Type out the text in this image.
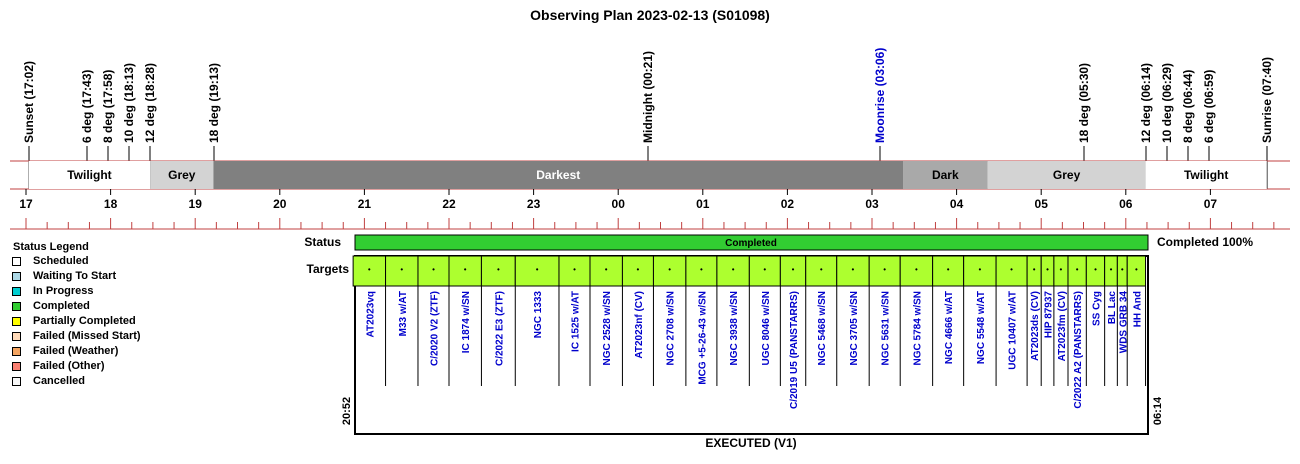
Observing Plan 2023-02-13 (S01098)
Sunset (17:02)	6 deg (17:43) 8 deg (17:58) 10 deg (18:13) 12 deg (18:28)	18 deg (19:13)	Midnight (00:21)	Moonrise (03:06)	18 deg (05:30)	12 deg (06:14) 10 deg (06:29) 8 deg (06:44) 6 deg (06:59)	Sunrise (07:40)
Twilight	Grey	Darkest	Dark	Grey	Twilight
17	18	19	20	21	22	23	00	01	02	03	04	05	06	07
Status	Completed	Completed 100%
Targets •
AT2023vq
•
M33 w/AT
•
C/2020 V2 (ZTF)
•
IC 1874 w/SN
•
C/2022 E3 (ZTF)
•
NGC 1333
•
IC 1525 w/AT
•
NGC 2528 w/SN
•
AT2023nf (CV)
•
NGC 2708 w/SN
•
MCG +5-26-43 w/SN
•
NGC 3938 w/SN
•
UGC 8046 w/SN
•
C/2019 U5 (PANSTARRS)
•
NGC 5468 w/SN
•
NGC 3705 w/SN
•
NGC 5631 w/SN
•
NGC 5784 w/SN
•
NGC 4666 w/AT
•
NGC 5548 w/AT
•
UGC 10407 w/AT
•
AT2023ds (CV)
•
HIP 87937
•
AT2023fm (CV)
•
C/2022 A2 (PANSTARRS)
•
SS Cyg
•
BL Lac
•
WDS GRB 34
•
HH And
20:52	06:14
EXECUTED (V1)
Status Legend
Scheduled
Waiting To Start
In Progress
Completed
Partially Completed
Failed (Missed Start)
Failed (Weather)
Failed (Other)
Cancelled
